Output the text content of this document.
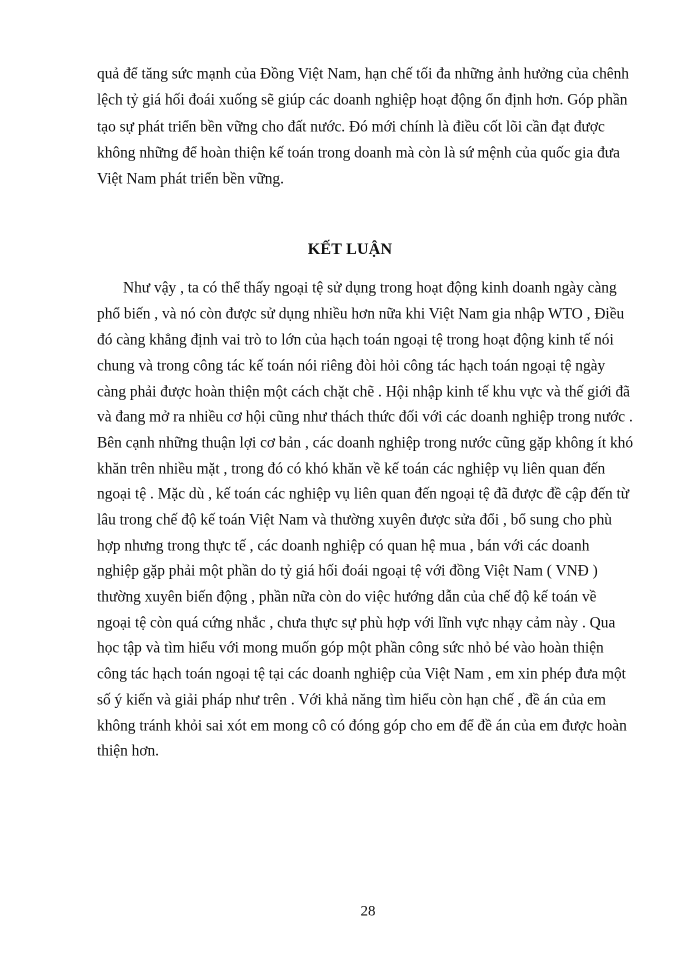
quả để tăng sức mạnh của Đồng Việt Nam, hạn chế tối đa những ảnh hưởng của chênh
lệch tỷ giá hối đoái xuống sẽ giúp các doanh nghiệp hoạt động ổn định hơn. Góp phần
tạo sự phát triển bền vững cho đất nước. Đó mới chính là điều cốt lõi cần đạt được
không những để hoàn thiện kế toán trong doanh mà còn là sứ mệnh của quốc gia đưa
Việt Nam phát triển bền vững.
KẾT LUẬN
Như vậy , ta có thể thấy ngoại tệ sử dụng trong hoạt động kinh doanh ngày càng
phổ biến , và nó còn được sử dụng nhiều hơn nữa khi Việt Nam gia nhập WTO , Điều
đó càng khẳng định vai trò to lớn của hạch toán ngoại tệ trong hoạt động kinh tế nói
chung và trong công tác kế toán nói riêng đòi hỏi công tác hạch toán ngoại tệ ngày
càng phải được hoàn thiện một cách chặt chẽ . Hội nhập kinh tế khu vực và thế giới đã
và đang mở ra nhiều cơ hội cũng như thách thức đối với các doanh nghiệp trong nước .
Bên cạnh những thuận lợi cơ bản , các doanh nghiệp trong nước cũng gặp không ít khó
khăn trên nhiều mặt , trong đó có khó khăn về kế toán các nghiệp vụ liên quan đến
ngoại tệ . Mặc dù , kế toán các nghiệp vụ liên quan đến ngoại tệ đã được đề cập đến từ
lâu trong chế độ kế toán Việt Nam và thường xuyên được sửa đổi , bổ sung cho phù
hợp nhưng trong thực tế , các doanh nghiệp có quan hệ mua , bán với các doanh
nghiệp gặp phải một phần do tỷ giá hối đoái ngoại tệ với đồng Việt Nam ( VNĐ )
thường xuyên biến động , phần nữa còn do việc hướng dẫn của chế độ kế toán về
ngoại tệ còn quá cứng nhắc , chưa thực sự phù hợp với lĩnh vực nhạy cảm này . Qua
học tập và tìm hiểu với mong muốn góp một phần công sức nhỏ bé vào hoàn thiện
công tác hạch toán ngoại tệ tại các doanh nghiệp của Việt Nam , em xin phép đưa một
số ý kiến và giải pháp như trên . Với khả năng tìm hiểu còn hạn chế , đề án của em
không tránh khỏi sai xót em mong cô có đóng góp cho em để đề án của em được hoàn
thiện hơn.
28
